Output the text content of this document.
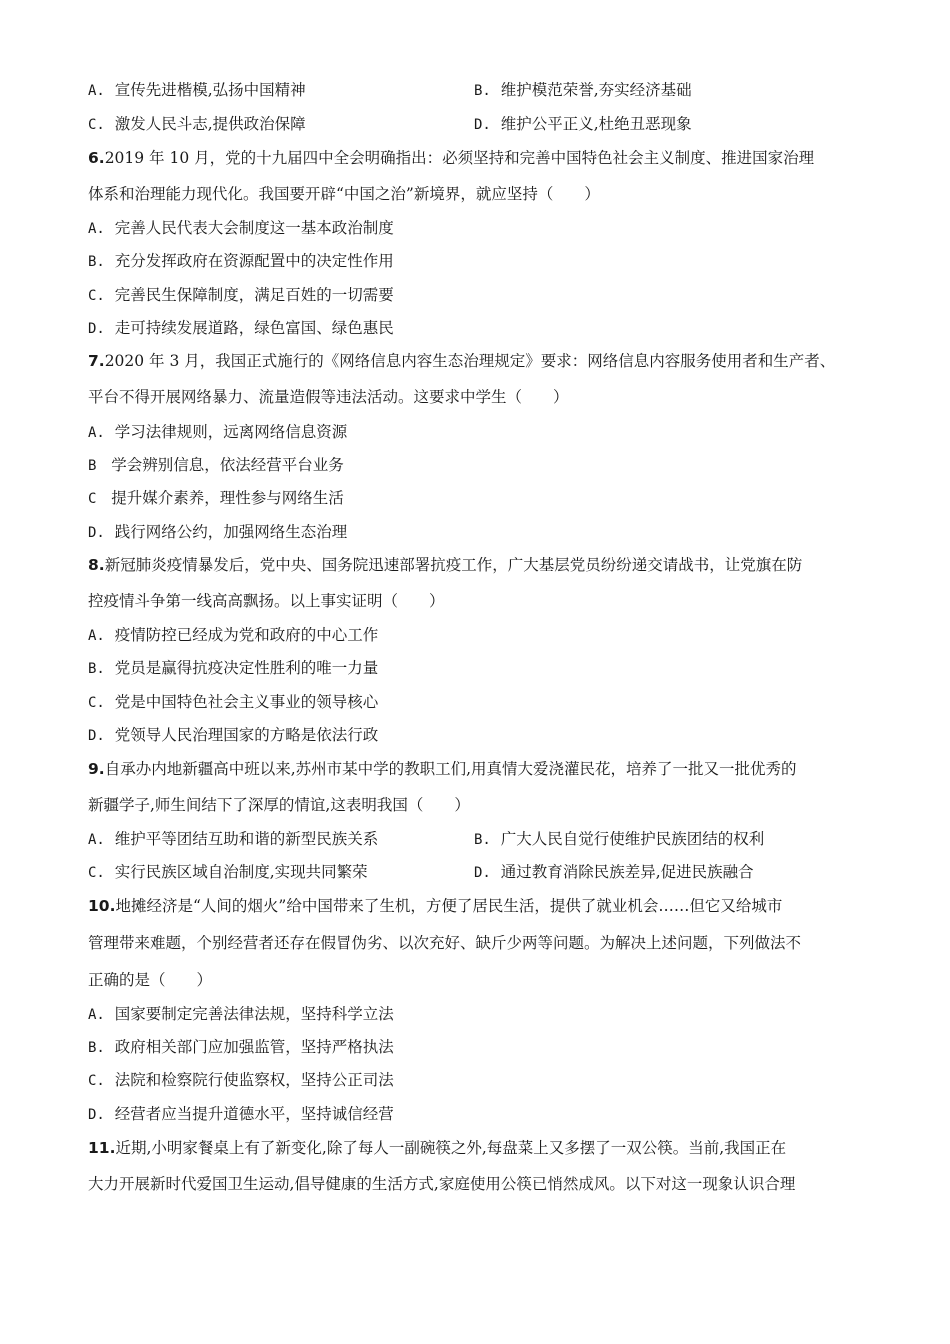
A. 宣传先进楷模,弘扬中国精神	B. 维护模范荣誉,夯实经济基础
C. 激发人民斗志,提供政治保障	D. 维护公平正义,杜绝丑恶现象
6.2019 年 10 月，党的十九届四中全会明确指出：必须坚持和完善中国特色社会主义制度、推进国家治理
体系和治理能力现代化。我国要开辟“中国之治”新境界，就应坚持（　　）
A. 完善人民代表大会制度这一基本政治制度
B. 充分发挥政府在资源配置中的决定性作用
C. 完善民生保障制度，满足百姓的一切需要
D. 走可持续发展道路，绿色富国、绿色惠民
7.2020 年 3 月，我国正式施行的《网络信息内容生态治理规定》要求：网络信息内容服务使用者和生产者、
平台不得开展网络暴力、流量造假等违法活动。这要求中学生（　　）
A. 学习法律规则，远离网络信息资源
B 学会辨别信息，依法经营平台业务
C 提升媒介素养，理性参与网络生活
D. 践行网络公约，加强网络生态治理
8.新冠肺炎疫情暴发后，党中央、国务院迅速部署抗疫工作，广大基层党员纷纷递交请战书，让党旗在防
控疫情斗争第一线高高飘扬。以上事实证明（　　）
A. 疫情防控已经成为党和政府的中心工作
B. 党员是赢得抗疫决定性胜利的唯一力量
C. 党是中国特色社会主义事业的领导核心
D. 党领导人民治理国家的方略是依法行政
9.自承办内地新疆高中班以来,苏州市某中学的教职工们,用真情大爱浇灌民花，培养了一批又一批优秀的
新疆学子,师生间结下了深厚的情谊,这表明我国（　　）
A. 维护平等团结互助和谐的新型民族关系	B. 广大人民自觉行使维护民族团结的权利
C. 实行民族区域自治制度,实现共同繁荣	D. 通过教育消除民族差异,促进民族融合
10.地摊经济是“人间的烟火”给中国带来了生机，方便了居民生活，提供了就业机会……但它又给城市
管理带来难题，个别经营者还存在假冒伪劣、以次充好、缺斤少两等问题。为解决上述问题，下列做法不
正确的是（　　）
A. 国家要制定完善法律法规，坚持科学立法
B. 政府相关部门应加强监管，坚持严格执法
C. 法院和检察院行使监察权，坚持公正司法
D. 经营者应当提升道德水平，坚持诚信经营
11.近期,小明家餐桌上有了新变化,除了每人一副碗筷之外,每盘菜上又多摆了一双公筷。当前,我国正在
大力开展新时代爱国卫生运动,倡导健康的生活方式,家庭使用公筷已悄然成风。以下对这一现象认识合理
